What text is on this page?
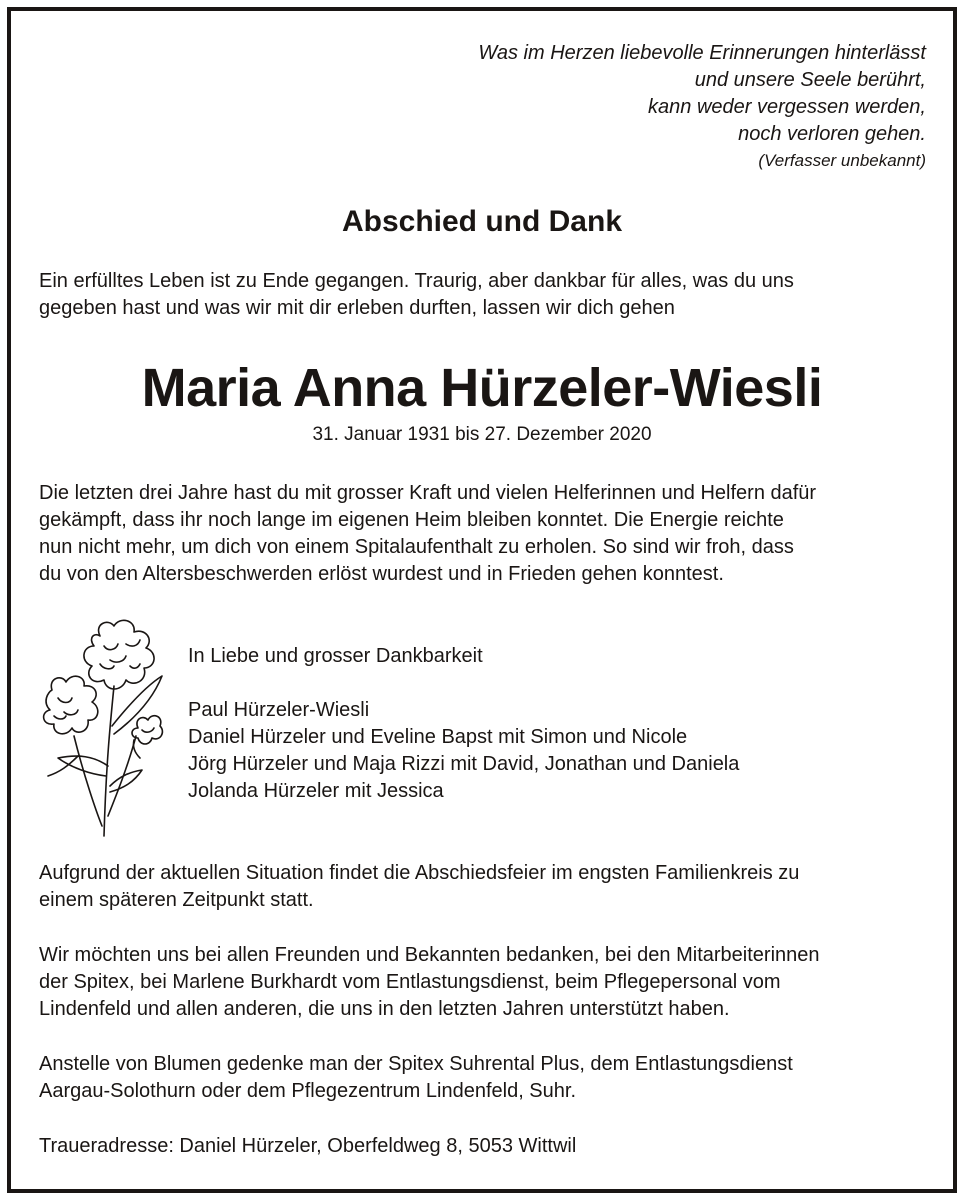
Was im Herzen liebevolle Erinnerungen hinterlässt
und unsere Seele berührt,
kann weder vergessen werden,
noch verloren gehen.
(Verfasser unbekannt)
Abschied und Dank
Ein erfülltes Leben ist zu Ende gegangen. Traurig, aber dankbar für alles, was du uns
gegeben hast und was wir mit dir erleben durften, lassen wir dich gehen
Maria Anna Hürzeler-Wiesli
31. Januar 1931 bis 27. Dezember 2020
Die letzten drei Jahre hast du mit grosser Kraft und vielen Helferinnen und Helfern dafür
gekämpft, dass ihr noch lange im eigenen Heim bleiben konntet. Die Energie reichte
nun nicht mehr, um dich von einem Spitalaufenthalt zu erholen. So sind wir froh, dass
du von den Altersbeschwerden erlöst wurdest und in Frieden gehen konntest.
In Liebe und grosser Dankbarkeit
Paul Hürzeler-Wiesli
Daniel Hürzeler und Eveline Bapst mit Simon und Nicole
Jörg Hürzeler und Maja Rizzi mit David, Jonathan und Daniela
Jolanda Hürzeler mit Jessica
Aufgrund der aktuellen Situation findet die Abschiedsfeier im engsten Familienkreis zu
einem späteren Zeitpunkt statt.
Wir möchten uns bei allen Freunden und Bekannten bedanken, bei den Mitarbeiterinnen
der Spitex, bei Marlene Burkhardt vom Entlastungsdienst, beim Pflegepersonal vom
Lindenfeld und allen anderen, die uns in den letzten Jahren unterstützt haben.
Anstelle von Blumen gedenke man der Spitex Suhrental Plus, dem Entlastungsdienst
Aargau-Solothurn oder dem Pflegezentrum Lindenfeld, Suhr.
Traueradresse: Daniel Hürzeler, Oberfeldweg 8, 5053 Wittwil
